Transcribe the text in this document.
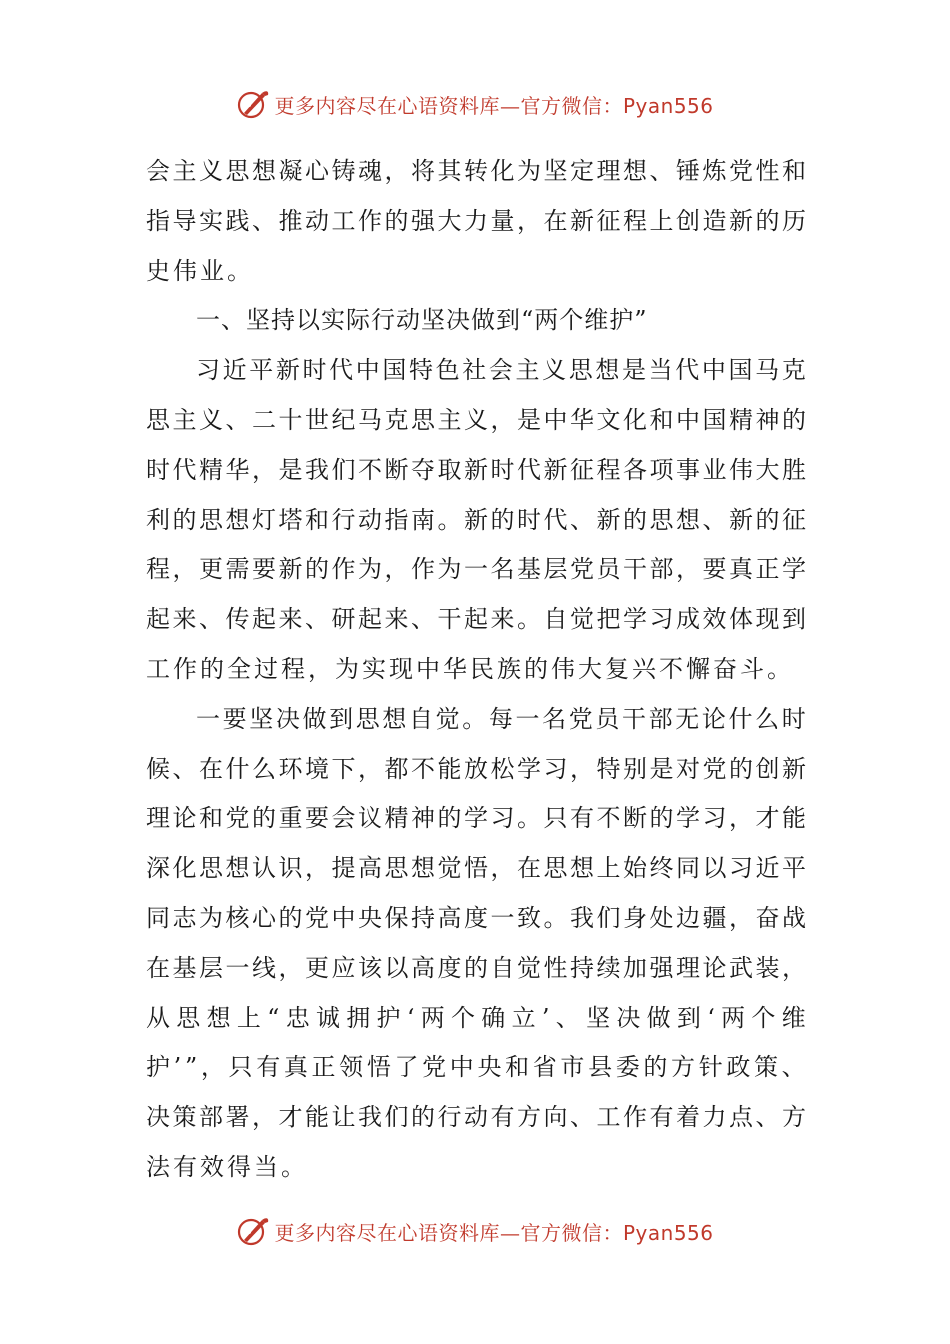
更多内容尽在心语资料库—官方微信：Pyan556
会 主 义 思 想 凝 心 铸 魂 ， 将 其 转 化 为 坚 定 理 想 、 锤 炼 党 性 和
指 导 实 践 、 推 动 工 作 的 强 大 力 量 ， 在 新 征 程 上 创 造 新 的 历
史伟业。
一、坚持以实际行动坚决做到“两个维护”
习 近 平 新 时 代 中 国 特 色 社 会 主 义 思 想 是 当 代 中 国 马 克
思 主 义 、 二 十 世 纪 马 克 思 主 义 ， 是 中 华 文 化 和 中 国 精 神 的
时 代 精 华 ， 是 我 们 不 断 夺 取 新 时 代 新 征 程 各 项 事 业 伟 大 胜
利 的 思 想 灯 塔 和 行 动 指 南 。 新 的 时 代 、 新 的 思 想 、 新 的 征
程 ， 更 需 要 新 的 作 为 ， 作 为 一 名 基 层 党 员 干 部 ， 要 真 正 学
起 来 、 传 起 来 、 研 起 来 、 干 起 来 。 自 觉 把 学 习 成 效 体 现 到
工作的全过程，为实现中华民族的伟大复兴不懈奋斗。
一 要 坚 决 做 到 思 想 自 觉 。 每 一 名 党 员 干 部 无 论 什 么 时
候 、 在 什 么 环 境 下 ， 都 不 能 放 松 学 习 ， 特 别 是 对 党 的 创 新
理 论 和 党 的 重 要 会 议 精 神 的 学 习 。 只 有 不 断 的 学 习 ， 才 能
深 化 思 想 认 识 ， 提 高 思 想 觉 悟 ， 在 思 想 上 始 终 同 以 习 近 平
同 志 为 核 心 的 党 中 央 保 持 高 度 一 致 。 我 们 身 处 边 疆 ， 奋 战
在 基 层 一 线 ， 更 应 该 以 高 度 的 自 觉 性 持 续 加 强 理 论 武 装 ，
从 思 想 上 “ 忠 诚 拥 护 ‘ 两 个 确 立 ’ 、 坚 决 做 到 ‘ 两 个 维
护 ’ ” ， 只 有 真 正 领 悟 了 党 中 央 和 省 市 县 委 的 方 针 政 策 、
决 策 部 署 ， 才 能 让 我 们 的 行 动 有 方 向 、 工 作 有 着 力 点 、 方
法有效得当。
更多内容尽在心语资料库—官方微信：Pyan556
